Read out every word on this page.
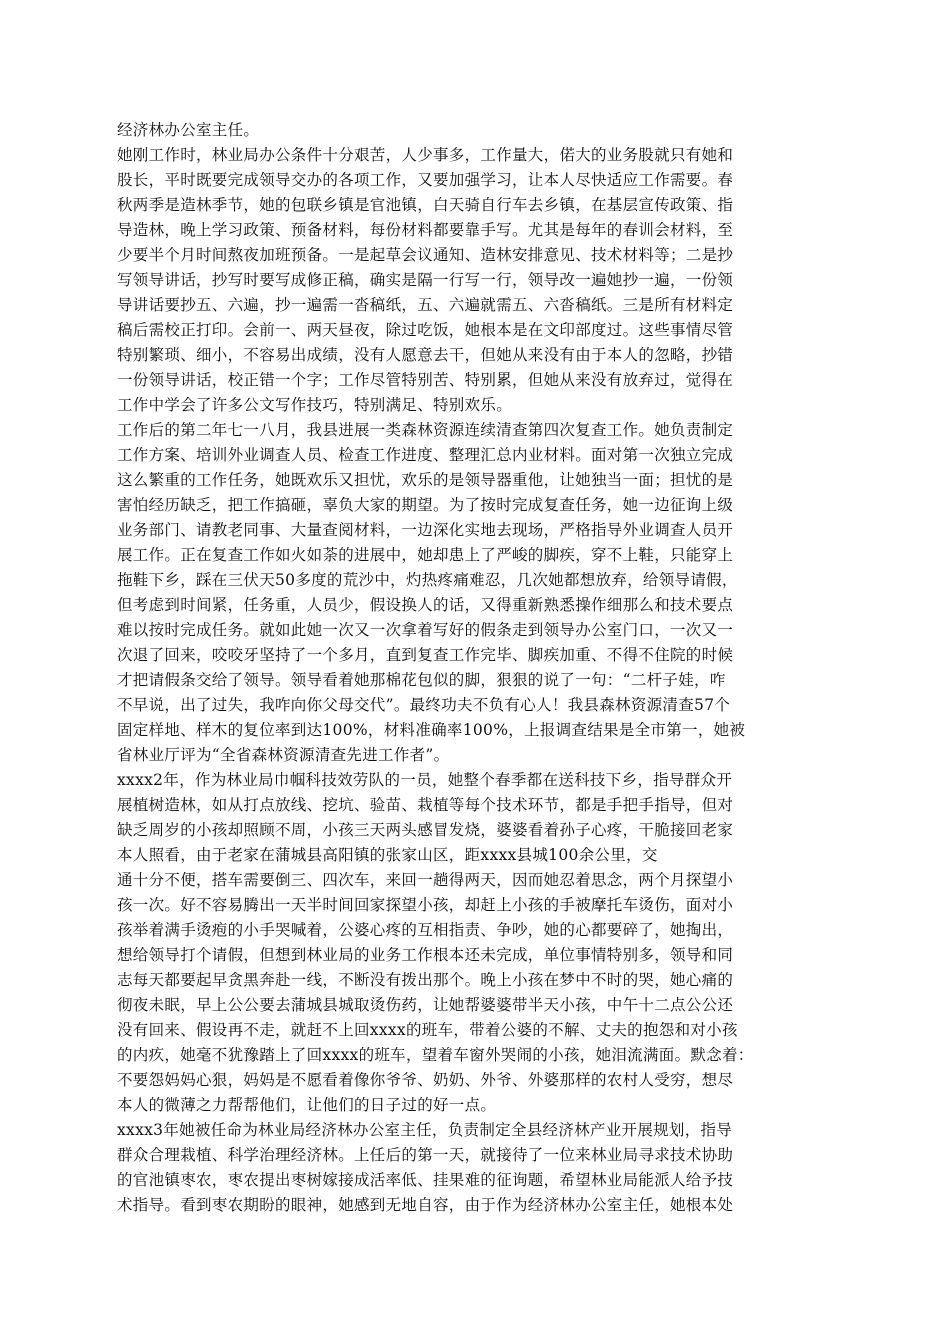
经济林办公室主任。
她刚工作时，林业局办公条件十分艰苦，人少事多，工作量大，偌大的业务股就只有她和
股长，平时既要完成领导交办的各项工作，又要加强学习，让本人尽快适应工作需要。春
秋两季是造林季节，她的包联乡镇是官池镇，白天骑自行车去乡镇，在基层宣传政策、指
导造林，晚上学习政策、预备材料，每份材料都要靠手写。尤其是每年的春训会材料，至
少要半个月时间熬夜加班预备。一是起草会议通知、造林安排意见、技术材料等；二是抄
写领导讲话，抄写时要写成修正稿，确实是隔一行写一行，领导改一遍她抄一遍，一份领
导讲话要抄五、六遍，抄一遍需一沓稿纸，五、六遍就需五、六沓稿纸。三是所有材料定
稿后需校正打印。会前一、两天昼夜，除过吃饭，她根本是在文印部度过。这些事情尽管
特别繁琐、细小，不容易出成绩，没有人愿意去干，但她从来没有由于本人的忽略，抄错
一份领导讲话，校正错一个字；工作尽管特别苦、特别累，但她从来没有放弃过，觉得在
工作中学会了许多公文写作技巧，特别满足、特别欢乐。
工作后的第二年七一八月，我县进展一类森林资源连续清查第四次复查工作。她负责制定
工作方案、培训外业调查人员、检查工作进度、整理汇总内业材料。面对第一次独立完成
这么繁重的工作任务，她既欢乐又担忧，欢乐的是领导器重他，让她独当一面；担忧的是
害怕经历缺乏，把工作搞砸，辜负大家的期望。为了按时完成复查任务，她一边征询上级
业务部门、请教老同事、大量查阅材料，一边深化实地去现场，严格指导外业调查人员开
展工作。正在复查工作如火如荼的进展中，她却患上了严峻的脚疾，穿不上鞋，只能穿上
拖鞋下乡，踩在三伏天50多度的荒沙中，灼热疼痛难忍，几次她都想放弃，给领导请假，
但考虑到时间紧，任务重，人员少，假设换人的话，又得重新熟悉操作细那么和技术要点
难以按时完成任务。就如此她一次又一次拿着写好的假条走到领导办公室门口，一次又一
次退了回来，咬咬牙坚持了一个多月，直到复查工作完毕、脚疾加重、不得不住院的时候
才把请假条交给了领导。领导看着她那棉花包似的脚，狠狠的说了一句：“二杆子娃，咋
不早说，出了过失，我咋向你父母交代”。最终功夫不负有心人！我县森林资源清查57个
固定样地、样木的复位率到达100%，材料准确率100%，上报调查结果是全市第一，她被
省林业厅评为“全省森林资源清查先进工作者”。
xxxx2年，作为林业局巾帼科技效劳队的一员，她整个春季都在送科技下乡，指导群众开
展植树造林，如从打点放线、挖坑、验苗、栽植等每个技术环节，都是手把手指导，但对
缺乏周岁的小孩却照顾不周，小孩三天两头感冒发烧，婆婆看着孙子心疼，干脆接回老家
本人照看，由于老家在蒲城县高阳镇的张家山区，距xxxx县城100余公里，交
通十分不便，搭车需要倒三、四次车，来回一趟得两天，因而她忍着思念，两个月探望小
孩一次。好不容易腾出一天半时间回家探望小孩，却赶上小孩的手被摩托车烫伤，面对小
孩举着满手烫疱的小手哭喊着，公婆心疼的互相指责、争吵，她的心都要碎了，她掏出，
想给领导打个请假，但想到林业局的业务工作根本还未完成，单位事情特别多，领导和同
志每天都要起早贪黑奔赴一线，不断没有拨出那个。晚上小孩在梦中不时的哭，她心痛的
彻夜未眠，早上公公要去蒲城县城取烫伤药，让她帮婆婆带半天小孩，中午十二点公公还
没有回来、假设再不走，就赶不上回xxxx的班车，带着公婆的不解、丈夫的抱怨和对小孩
的内疚，她毫不犹豫踏上了回xxxx的班车，望着车窗外哭闹的小孩，她泪流满面。默念着：
不要怨妈妈心狠，妈妈是不愿看着像你爷爷、奶奶、外爷、外婆那样的农村人受穷，想尽
本人的微薄之力帮帮他们，让他们的日子过的好一点。
xxxx3年她被任命为林业局经济林办公室主任，负责制定全县经济林产业开展规划，指导
群众合理栽植、科学治理经济林。上任后的第一天，就接待了一位来林业局寻求技术协助
的官池镇枣农，枣农提出枣树嫁接成活率低、挂果难的征询题，希望林业局能派人给予技
术指导。看到枣农期盼的眼神，她感到无地自容，由于作为经济林办公室主任，她根本处
